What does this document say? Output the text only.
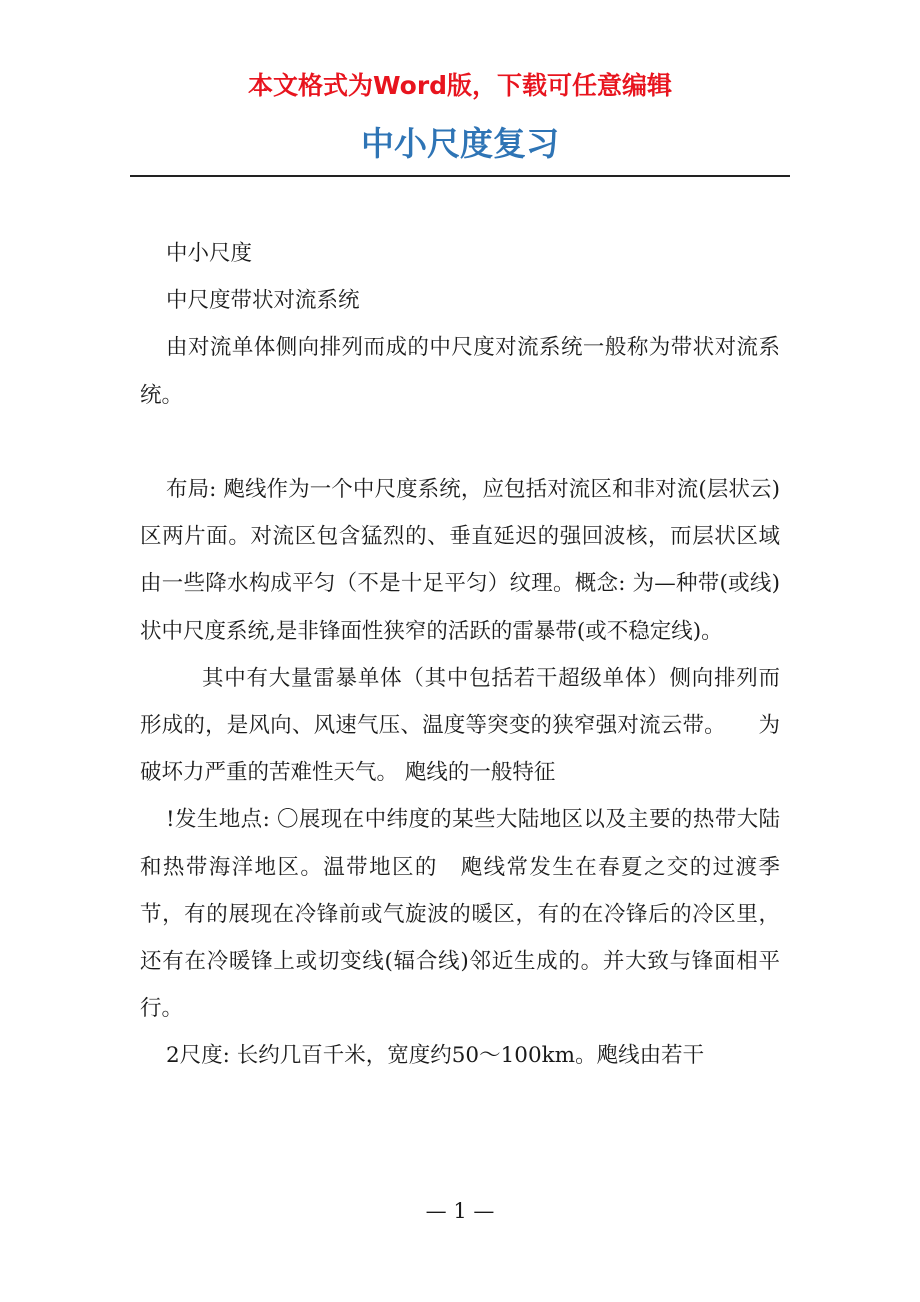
本文格式为Word版，下载可任意编辑
中小尺度复习

中小尺度

中尺度带状对流系统

由对流单体侧向排列而成的中尺度对流系统一般称为带状对流系统。

布局: 飑线作为一个中尺度系统，应包括对流区和非对流(层状云)区两片面。对流区包含猛烈的、垂直延迟的强回波核，而层状区域由一些降水构成平匀（不是十足平匀）纹理。概念: 为—种带(或线)状中尺度系统,是非锋面性狭窄的活跃的雷暴带(或不稳定线)。

其中有大量雷暴单体（其中包括若干超级单体）侧向排列而形成的，是风向、风速气压、温度等突变的狭窄强对流云带。　　为破坏力严重的苦难性天气。 飑线的一般特征

!发生地点: 〇展现在中纬度的某些大陆地区以及主要的热带大陆和热带海洋地区。温带地区的　飑线常发生在春夏之交的过渡季节，有的展现在冷锋前或气旋波的暖区，有的在冷锋后的冷区里，还有在冷暖锋上或切变线(辐合线)邻近生成的。并大致与锋面相平行。

2尺度: 长约几百千米，宽度约50～100km。飑线由若干

— 1 —
